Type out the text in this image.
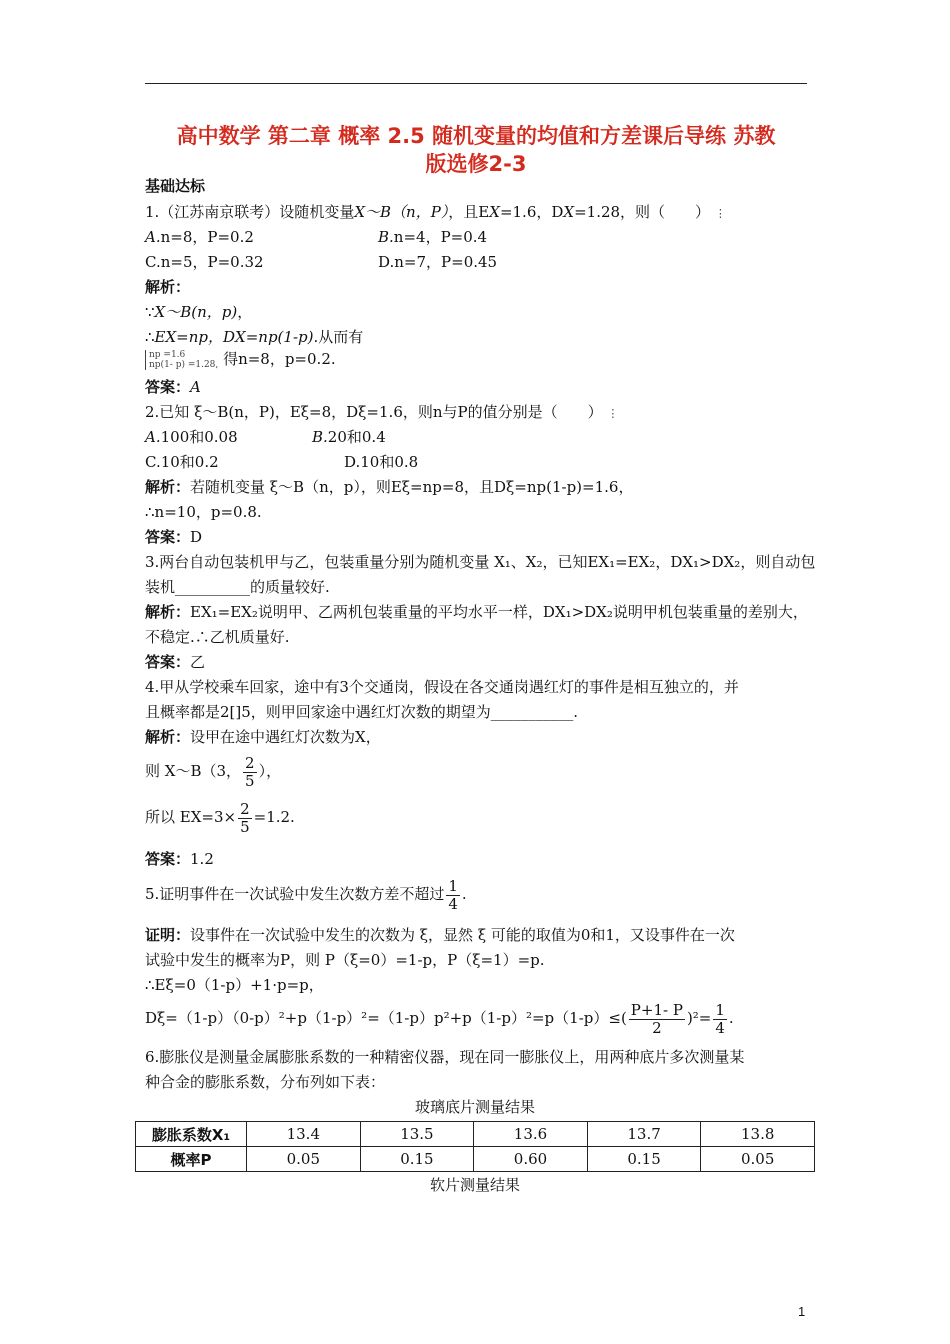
高中数学 第二章 概率 2.5 随机变量的均值和方差课后导练 苏教
版选修2-3
基础达标
1.（江苏南京联考）设随机变量X～B（n，P），且EX=1.6，DX=1.28，则（　　） ⋮
A.n=8，P=0.2	B.n=4，P=0.4
C.n=5，P=0.32	D.n=7，P=0.45
解析：
∵X～B(n，p)，
∴EX=np，DX=np(1-p).从而有
np =1.6
np(1- p) =1.28, 得n=8，p=0.2.
答案：A
2.已知 ξ～B(n，P)，Eξ=8，Dξ=1.6，则n与P的值分别是（　　） ⋮
A.100和0.08	B.20和0.4
C.10和0.2	D.10和0.8
解析：若随机变量 ξ～B（n，p），则Eξ=np=8，且Dξ=np(1-p)=1.6，
∴n=10，p=0.8.
答案：D
3.两台自动包装机甲与乙，包装重量分别为随机变量 X₁、X₂，已知EX₁=EX₂，DX₁>DX₂，则自动包
装机__________的质量较好.
解析：EX₁=EX₂说明甲、乙两机包装重量的平均水平一样，DX₁>DX₂说明甲机包装重量的差别大，
不稳定.∴乙机质量好.
答案：乙
4.甲从学校乘车回家，途中有3个交通岗，假设在各交通岗遇红灯的事件是相互独立的，并
且概率都是2[]5，则甲回家途中遇红灯次数的期望为___________.
解析：设甲在途中遇红灯次数为X，
则 X～B（3， $\frac{2}{5}$ ），
所以 $EX=3\times \frac{2}{5} =1.2$.
答案：1.2
5.证明事件在一次试验中发生次数方差不超过 $\frac{1}{4}$ .
证明：设事件在一次试验中发生的次数为 ξ，显然 ξ 可能的取值为0和1，又设事件在一次
试验中发生的概率为P，则 P（ξ=0）=1-p，P（ξ=1）=p.
∴Eξ=0（1-p）+1·p=p，
$D\xi=(1-p)(0-p)^2+p(1-p)^2=(1-p)p^2+p(1-p)^2=p(1-p)\le( \frac{P+1- P}{2} )^2= \frac{1}{4}$ .
6.膨胀仪是测量金属膨胀系数的一种精密仪器，现在同一膨胀仪上，用两种底片多次测量某
种合金的膨胀系数，分布列如下表：
玻璃底片测量结果
膨胀系数X₁	13.4	13.5	13.6	13.7	13.8
概率P	0.05	0.15	0.60	0.15	0.05
软片测量结果
1
